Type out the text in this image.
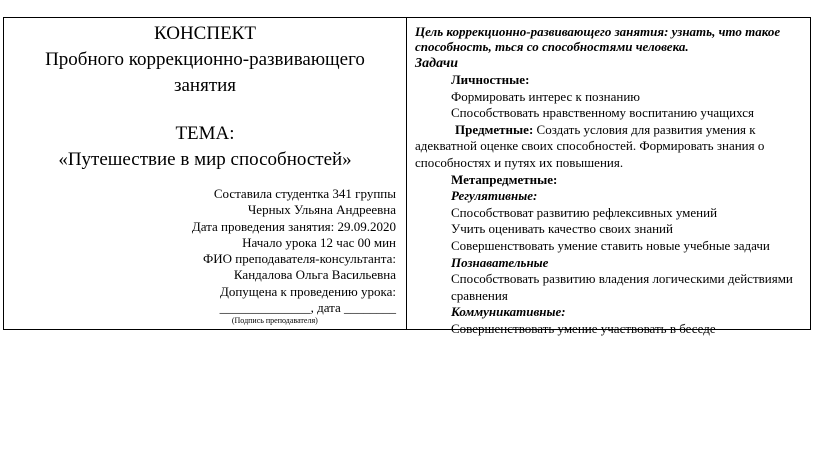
КОНСПЕКТ
Пробного коррекционно-развивающего
занятия
ТЕМА:
«Путешествие в мир способностей»
Составила студентка 341 группы
Черных Ульяна Андреевна
Дата проведения занятия: 29.09.2020
Начало урока 12 час 00 мин
ФИО преподавателя-консультанта:
Кандалова Ольга Васильевна
Допущена к проведению урока:
______________, дата ________
(Подпись преподавателя)
Цель коррекционно-развивающего занятия: узнать, что такое
способность, ться со способностями человека.
Задачи
Личностные:
Формировать интерес к познанию
Способствовать нравственному воспитанию учащихся
Предметные: Создать условия для развития умения к
адекватной оценке своих способностей. Формировать знания о
способностях и путях их повышения.
Метапредметные:
Регулятивные:
Способствоват развитию рефлексивных умений
Учить оценивать качество своих знаний
Совершенствовать умение ставить новые учебные задачи
Познавательные
Способствовать развитию владения логическими действиями
сравнения
Коммуникативные:
Совершенствовать умение участвовать в беседе
